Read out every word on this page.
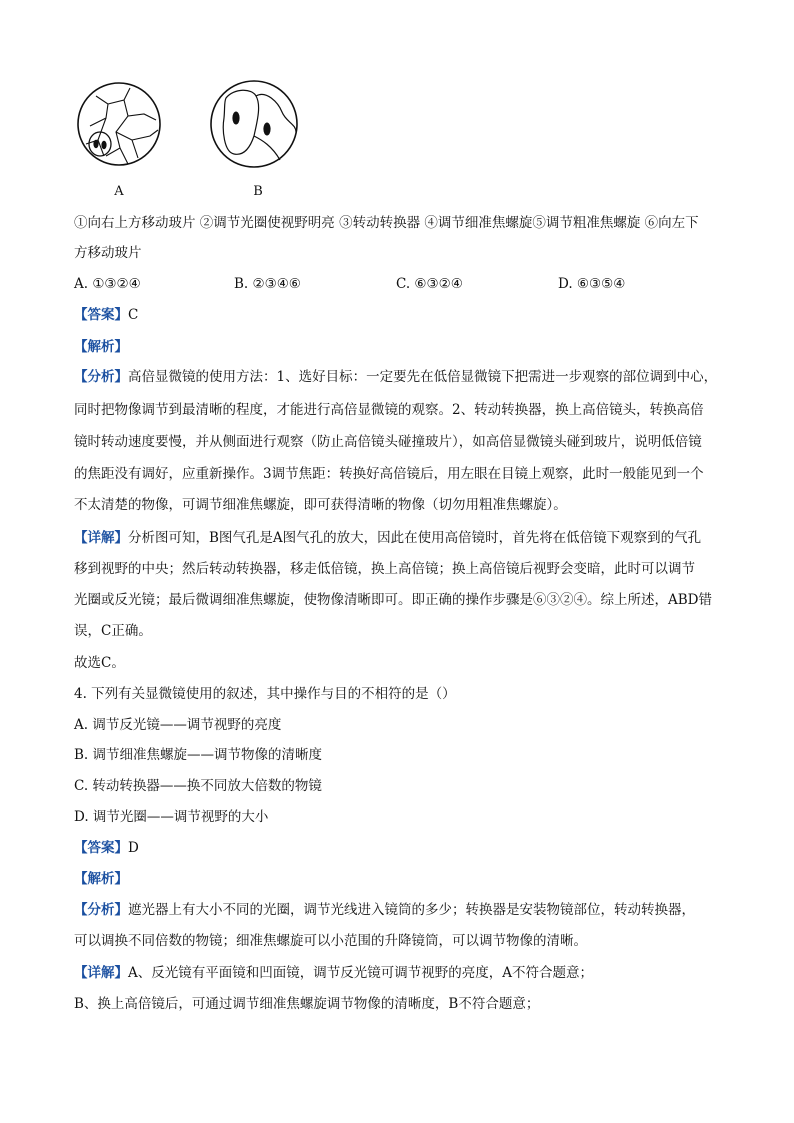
A	B
①向右上方移动玻片 ②调节光圈使视野明亮 ③转动转换器 ④调节细准焦螺旋⑤调节粗准焦螺旋 ⑥向左下
方移动玻片
A. ①③②④	B. ②③④⑥	C. ⑥③②④	D. ⑥③⑤④
【答案】C
【解析】
【分析】高倍显微镜的使用方法：1、选好目标：一定要先在低倍显微镜下把需进一步观察的部位调到中心，
同时把物像调节到最清晰的程度，才能进行高倍显微镜的观察。2、转动转换器，换上高倍镜头，转换高倍
镜时转动速度要慢，并从侧面进行观察（防止高倍镜头碰撞玻片），如高倍显微镜头碰到玻片，说明低倍镜
的焦距没有调好，应重新操作。3调节焦距：转换好高倍镜后，用左眼在目镜上观察，此时一般能见到一个
不太清楚的物像，可调节细准焦螺旋，即可获得清晰的物像（切勿用粗准焦螺旋）。
【详解】分析图可知，B图气孔是A图气孔的放大，因此在使用高倍镜时，首先将在低倍镜下观察到的气孔
移到视野的中央；然后转动转换器，移走低倍镜，换上高倍镜；换上高倍镜后视野会变暗，此时可以调节
光圈或反光镜；最后微调细准焦螺旋，使物像清晰即可。即正确的操作步骤是⑥③②④。综上所述，ABD错
误，C正确。
故选C。
4. 下列有关显微镜使用的叙述，其中操作与目的不相符的是（）
A. 调节反光镜——调节视野的亮度
B. 调节细准焦螺旋——调节物像的清晰度
C. 转动转换器——换不同放大倍数的物镜
D. 调节光圈——调节视野的大小
【答案】D
【解析】
【分析】遮光器上有大小不同的光圈，调节光线进入镜筒的多少；转换器是安装物镜部位，转动转换器，
可以调换不同倍数的物镜；细准焦螺旋可以小范围的升降镜筒，可以调节物像的清晰。
【详解】A、反光镜有平面镜和凹面镜，调节反光镜可调节视野的亮度，A不符合题意；
B、换上高倍镜后，可通过调节细准焦螺旋调节物像的清晰度，B不符合题意；
